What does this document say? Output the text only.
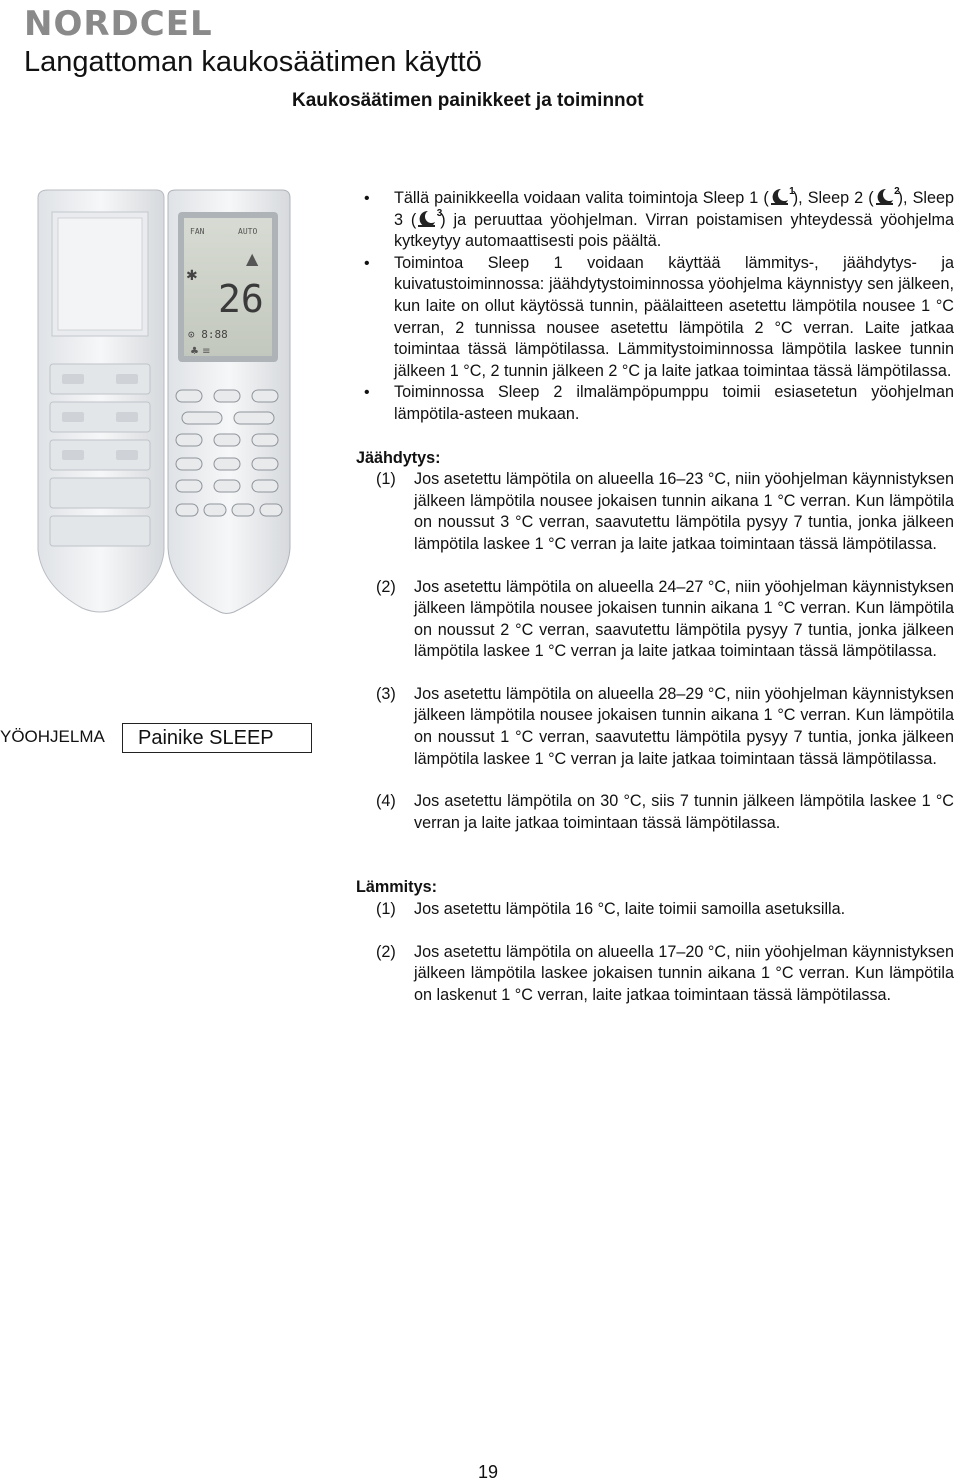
NORDCEL
Langattoman kaukosäätimen käyttö
Kaukosäätimen painikkeet ja toiminnot
FAN	AUTO
▲
✱
26
⊙ 8:88
♣ ≡
YÖOHJELMA	Painike SLEEP
• Tällä painikkeella voidaan valita toimintoja Sleep 1 ( 1
), Sleep 2 ( 2
), Sleep 3 ( 3
) ja peruuttaa yöohjelman. Virran poistamisen yhteydessä yöohjelma kytkeytyy automaattisesti pois päältä.
• Toimintoa Sleep 1 voidaan käyttää lämmitys-, jäähdytys- ja kuivatustoiminnossa: jäähdytystoiminnossa yöohjelma käynnistyy sen jälkeen, kun laite on ollut käytössä tunnin, päälaitteen asetettu lämpötila nousee 1 °C verran, 2 tunnissa nousee asetettu lämpötila 2 °C verran. Laite jatkaa toimintaa tässä lämpötilassa. Lämmitystoiminnossa lämpötila laskee tunnin jälkeen 1 °C, 2 tunnin jälkeen 2 °C ja laite jatkaa toimintaa tässä lämpötilassa.
• Toiminnossa Sleep 2 ilmalämpöpumppu toimii esiasetetun yöohjelman lämpötila-asteen mukaan.
Jäähdytys:
(1) Jos asetettu lämpötila on alueella 16–23 °C, niin yöohjelman käynnistyksen jälkeen lämpötila nousee jokaisen tunnin aikana 1 °C verran. Kun lämpötila on noussut 3 °C verran, saavutettu lämpötila pysyy 7 tuntia, jonka jälkeen lämpötila laskee 1 °C verran ja laite jatkaa toimintaan tässä lämpötilassa.
(2) Jos asetettu lämpötila on alueella 24–27 °C, niin yöohjelman käynnistyksen jälkeen lämpötila nousee jokaisen tunnin aikana 1 °C verran. Kun lämpötila on noussut 2 °C verran, saavutettu lämpötila pysyy 7 tuntia, jonka jälkeen lämpötila laskee 1 °C verran ja laite jatkaa toimintaan tässä lämpötilassa.
(3) Jos asetettu lämpötila on alueella 28–29 °C, niin yöohjelman käynnistyksen jälkeen lämpötila nousee jokaisen tunnin aikana 1 °C verran. Kun lämpötila on noussut 1 °C verran, saavutettu lämpötila pysyy 7 tuntia, jonka jälkeen lämpötila laskee 1 °C verran ja laite jatkaa toimintaan tässä lämpötilassa.
(4) Jos asetettu lämpötila on 30 °C, siis 7 tunnin jälkeen lämpötila laskee 1 °C verran ja laite jatkaa toimintaan tässä lämpötilassa.
Lämmitys:
(1) Jos asetettu lämpötila 16 °C, laite toimii samoilla asetuksilla.
(2) Jos asetettu lämpötila on alueella 17–20 °C, niin yöohjelman käynnistyksen jälkeen lämpötila laskee jokaisen tunnin aikana 1 °C verran. Kun lämpötila on laskenut 1 °C verran, laite jatkaa toimintaan tässä lämpötilassa.
19
